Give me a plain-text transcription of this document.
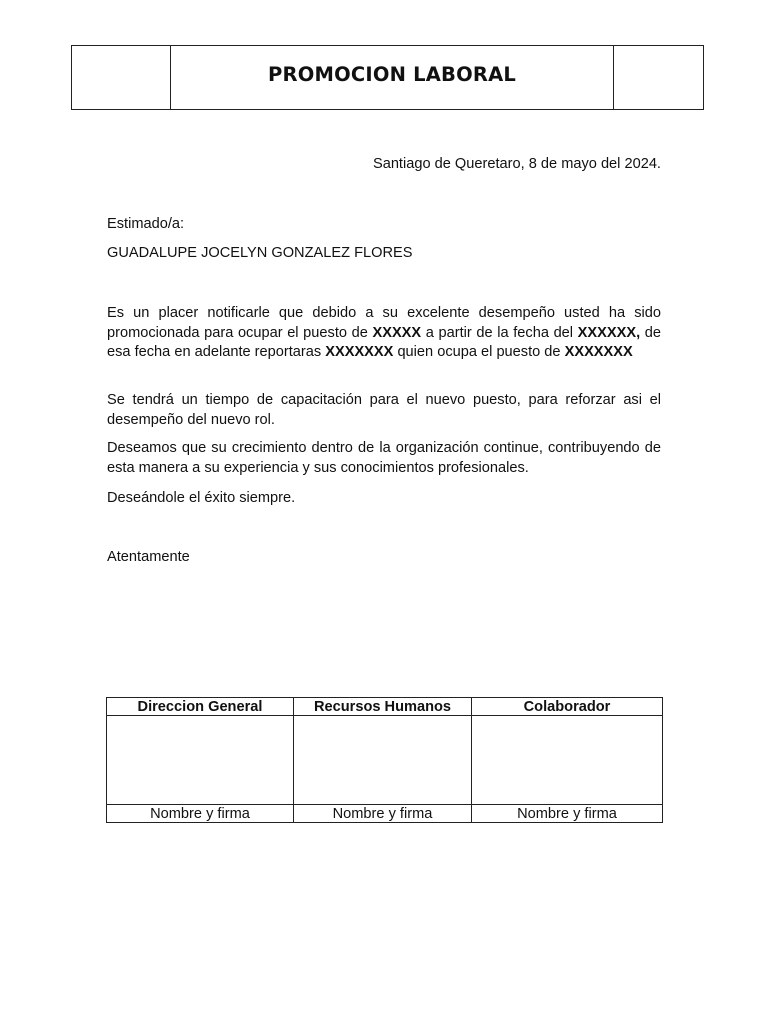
	PROMOCION LABORAL	
Santiago de Queretaro, 8 de mayo del 2024.
Estimado/a:
GUADALUPE JOCELYN GONZALEZ FLORES
Es un placer notificarle que debido a su excelente desempeño usted ha sido promocionada para ocupar el puesto de XXXXX a partir de la fecha del XXXXXX, de esa fecha en adelante reportaras XXXXXXX quien ocupa el puesto de XXXXXXX
Se tendrá un tiempo de capacitación para el nuevo puesto, para reforzar asi el desempeño del nuevo rol.
Deseamos que su crecimiento dentro de la organización continue, contribuyendo de esta manera a su experiencia y sus conocimientos profesionales.
Deseándole el éxito siempre.
Atentamente
Direccion General	Recursos Humanos	Colaborador

Nombre y firma	Nombre y firma	Nombre y firma
